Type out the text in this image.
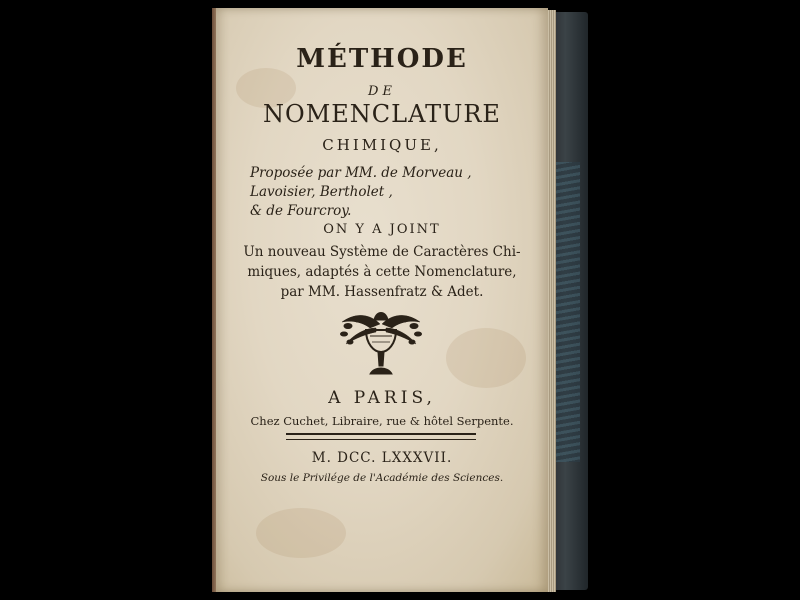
MÉTHODE

DE

NOMENCLATURE

CHIMIQUE,

Proposée par MM. de Morveau ,
Lavoisier, Bertholet ,
& de Fourcroy.

ON Y A JOINT

Un nouveau Système de Caractères Chi-
miques, adaptés à cette Nomenclature,
par MM. Hassenfratz & Adet.

A PARIS,

Chez Cuchet, Libraire, rue & hôtel Serpente.

M. DCC. LXXXVII.

Sous le Privilége de l'Académie des Sciences.
